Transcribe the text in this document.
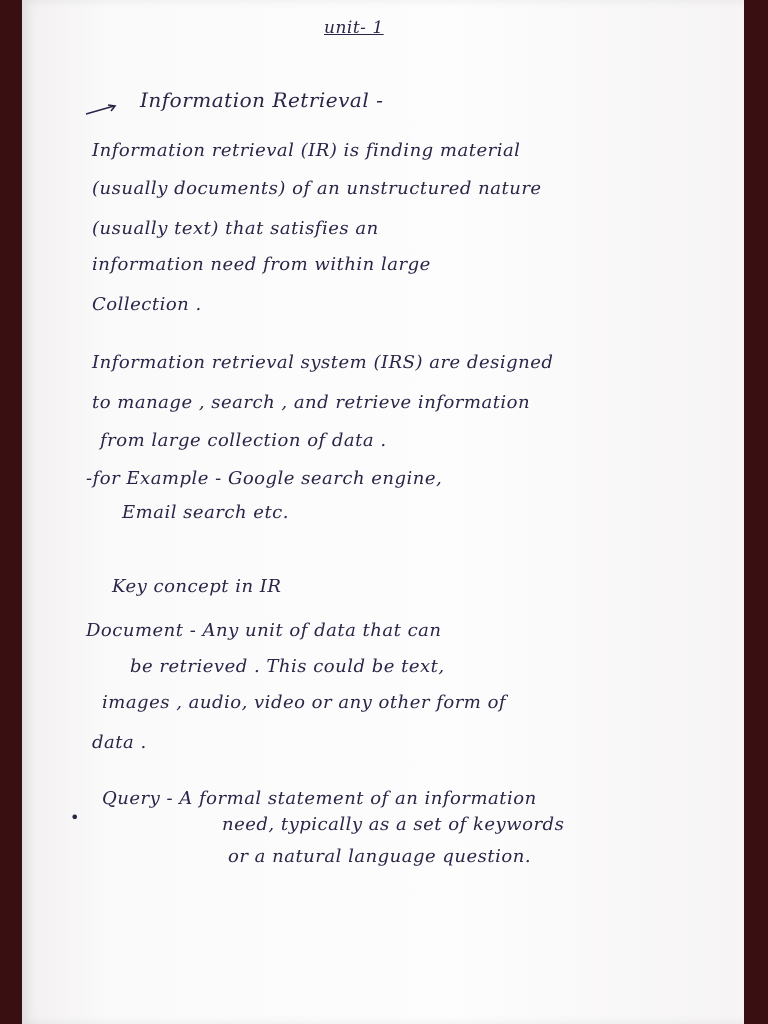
unit- 1
Information Retrieval -
Information retrieval (IR) is finding material
(usually documents) of an unstructured nature
(usually text) that satisfies an
information need from within large
Collection .
Information retrieval system (IRS) are designed
to manage , search , and retrieve information
from large collection of data .
-for Example - Google search engine,
Email search etc.
Key concept in IR
Document - Any unit of data that can
be retrieved . This could be text,
images , audio, video or any other form of
data .
•
Query - A formal statement of an information
need, typically as a set of keywords
or a natural language question.
